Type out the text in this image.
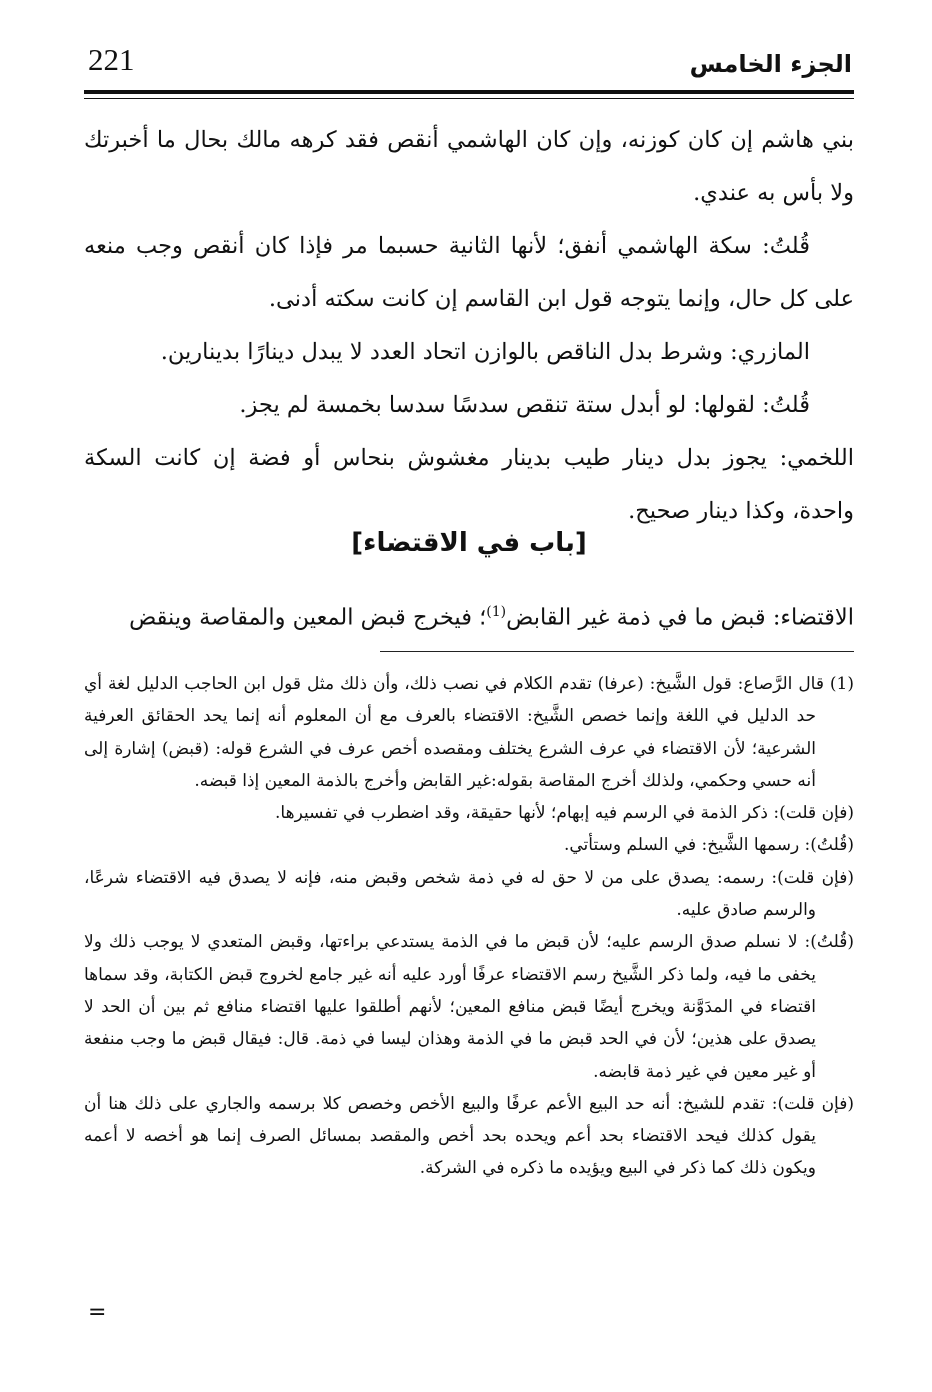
221	الجزء الخامس

بني هاشم إن كان كوزنه، وإن كان الهاشمي أنقص فقد كرهه مالك بحال ما أخبرتك ولا بأس به عندي.

قُلتُ: سكة الهاشمي أنفق؛ لأنها الثانية حسبما مر فإذا كان أنقص وجب منعه على كل حال، وإنما يتوجه قول ابن القاسم إن كانت سكته أدنى.

المازري: وشرط بدل الناقص بالوازن اتحاد العدد لا يبدل دينارًا بدينارين.

قُلتُ: لقولها: لو أبدل ستة تنقص سدسًا سدسا بخمسة لم يجز.

اللخمي: يجوز بدل دينار طيب بدينار مغشوش بنحاس أو فضة إن كانت السكة واحدة، وكذا دينار صحيح.

[باب في الاقتضاء]
الاقتضاء: قبض ما في ذمة غير القابض$^{(1)}$؛ فيخرج قبض المعين والمقاصة وينقض

(1) قال الرَّصاع: قول الشَّيخ: (عرفا) تقدم الكلام في نصب ذلك، وأن ذلك مثل قول ابن الحاجب الدليل لغة أي حد الدليل في اللغة وإنما خصص الشَّيخ: الاقتضاء بالعرف مع أن المعلوم أنه إنما يحد الحقائق العرفية الشرعية؛ لأن الاقتضاء في عرف الشرع يختلف ومقصده أخص عرف في الشرع قوله: (قبض) إشارة إلى أنه حسي وحكمي، ولذلك أخرج المقاصة بقوله:غير القابض وأخرج بالذمة المعين إذا قبضه.

(فإن قلت): ذكر الذمة في الرسم فيه إبهام؛ لأنها حقيقة، وقد اضطرب في تفسيرها.

(قُلتُ): رسمها الشَّيخ: في السلم وستأتي.

(فإن قلت): رسمه: يصدق على من لا حق له في ذمة شخص وقبض منه، فإنه لا يصدق فيه الاقتضاء شرعًا، والرسم صادق عليه.

(قُلتُ): لا نسلم صدق الرسم عليه؛ لأن قبض ما في الذمة يستدعي براءتها، وقبض المتعدي لا يوجب ذلك ولا يخفى ما فيه، ولما ذكر الشَّيخ رسم الاقتضاء عرفًا أورد عليه أنه غير جامع لخروج قبض الكتابة، وقد سماها اقتضاء في المدَوَّنة ويخرج أيضًا قبض منافع المعين؛ لأنهم أطلقوا عليها اقتضاء منافع ثم بين أن الحد لا يصدق على هذين؛ لأن في الحد قبض ما في الذمة وهذان ليسا في ذمة. قال: فيقال قبض ما وجب منفعة أو غير معين في غير ذمة قابضه.

(فإن قلت): تقدم للشيخ: أنه حد البيع الأعم عرفًا والبيع الأخص وخصص كلا برسمه والجاري على ذلك هنا أن يقول كذلك فيحد الاقتضاء بحد أعم ويحده بحد أخص والمقصد بمسائل الصرف إنما هو أخصه لا أعمه ويكون ذلك كما ذكر في البيع ويؤيده ما ذكره في الشركة.

=
